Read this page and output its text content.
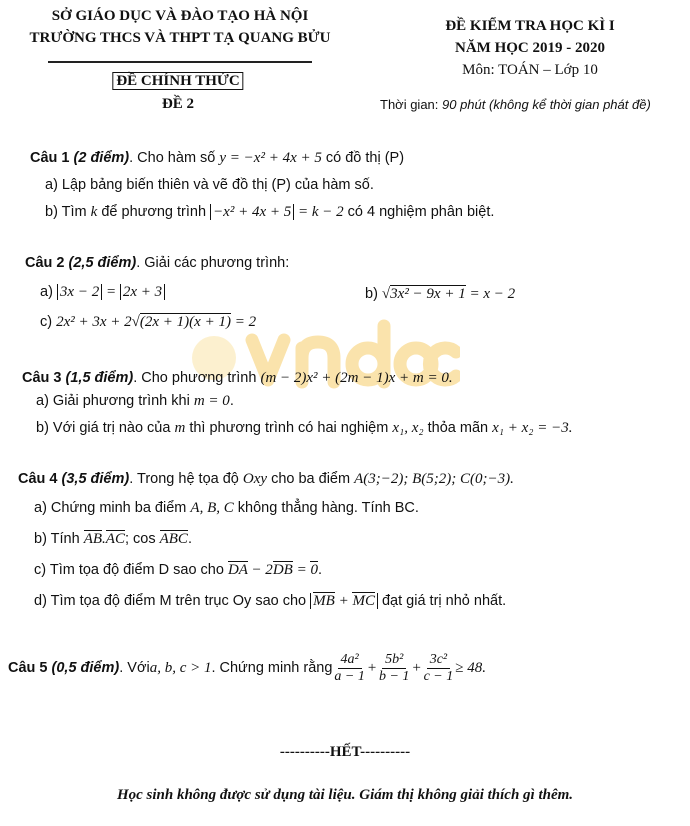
SỞ GIÁO DỤC VÀ ĐÀO TẠO HÀ NỘI
TRƯỜNG THCS VÀ THPT TẠ QUANG BỬU
ĐỀ CHÍNH THỨC
ĐỀ 2
ĐỀ KIỂM TRA HỌC KÌ I
NĂM HỌC 2019 - 2020
Môn: TOÁN – Lớp 10
Thời gian: 90 phút (không kể thời gian phát đề)
Câu 1 (2 điểm). Cho hàm số y = −x² + 4x + 5 có đồ thị (P)
a) Lập bảng biến thiên và vẽ đồ thị (P) của hàm số.
b) Tìm k để phương trình −x² + 4x + 5 = k − 2 có 4 nghiệm phân biệt.
Câu 2 (2,5 điểm). Giải các phương trình:
a) 3x − 2 = 2x + 3	b) √3x² − 9x + 1 = x − 2
c) 2x² + 3x + 2√(2x + 1)(x + 1) = 2
Câu 3 (1,5 điểm). Cho phương trình (m − 2)x² + (2m − 1)x + m = 0.
a) Giải phương trình khi m = 0.
b) Với giá trị nào của m thì phương trình có hai nghiệm x₁, x₂ thỏa mãn x₁ + x₂ = −3.
Câu 4 (3,5 điểm). Trong hệ tọa độ Oxy cho ba điểm A(3;−2); B(5;2); C(0;−3).
a) Chứng minh ba điểm A, B, C không thẳng hàng. Tính BC.
b) Tính AB.AC; cos ABC.
c) Tìm tọa độ điểm D sao cho DA − 2DB = 0.
d) Tìm tọa độ điểm M trên trục Oy sao cho MB + MC đạt giá trị nhỏ nhất.
Câu 5
(0,5 điểm) . Với a, b, c > 1 . Chứng minh rằng $\frac{\text{4a²}}{a - 1} + \frac{\text{5b²}}{b - 1} + \frac{\text{3c²}}{c - 1} \ge 48$.
----------HẾT----------
Học sinh không được sử dụng tài liệu. Giám thị không giải thích gì thêm.
